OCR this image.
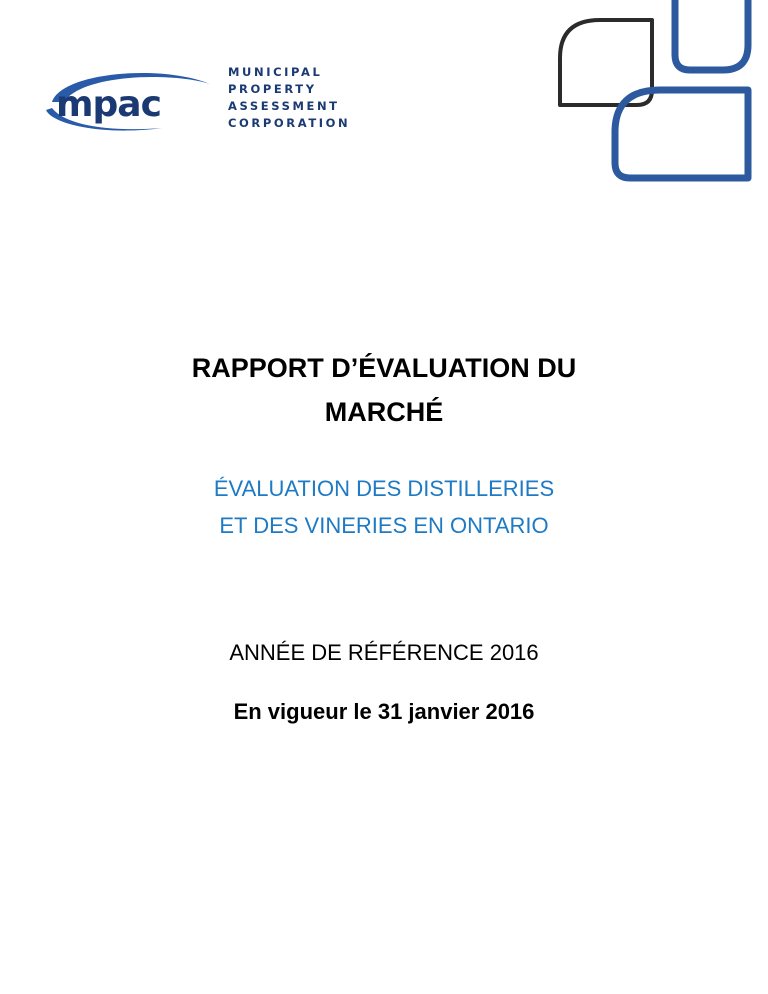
mpac
MUNICIPAL
PROPERTY
ASSESSMENT
CORPORATION
RAPPORT D’ÉVALUATION DU
MARCHÉ
ÉVALUATION DES DISTILLERIES
ET DES VINERIES EN ONTARIO
ANNÉE DE RÉFÉRENCE 2016
En vigueur le 31 janvier 2016
